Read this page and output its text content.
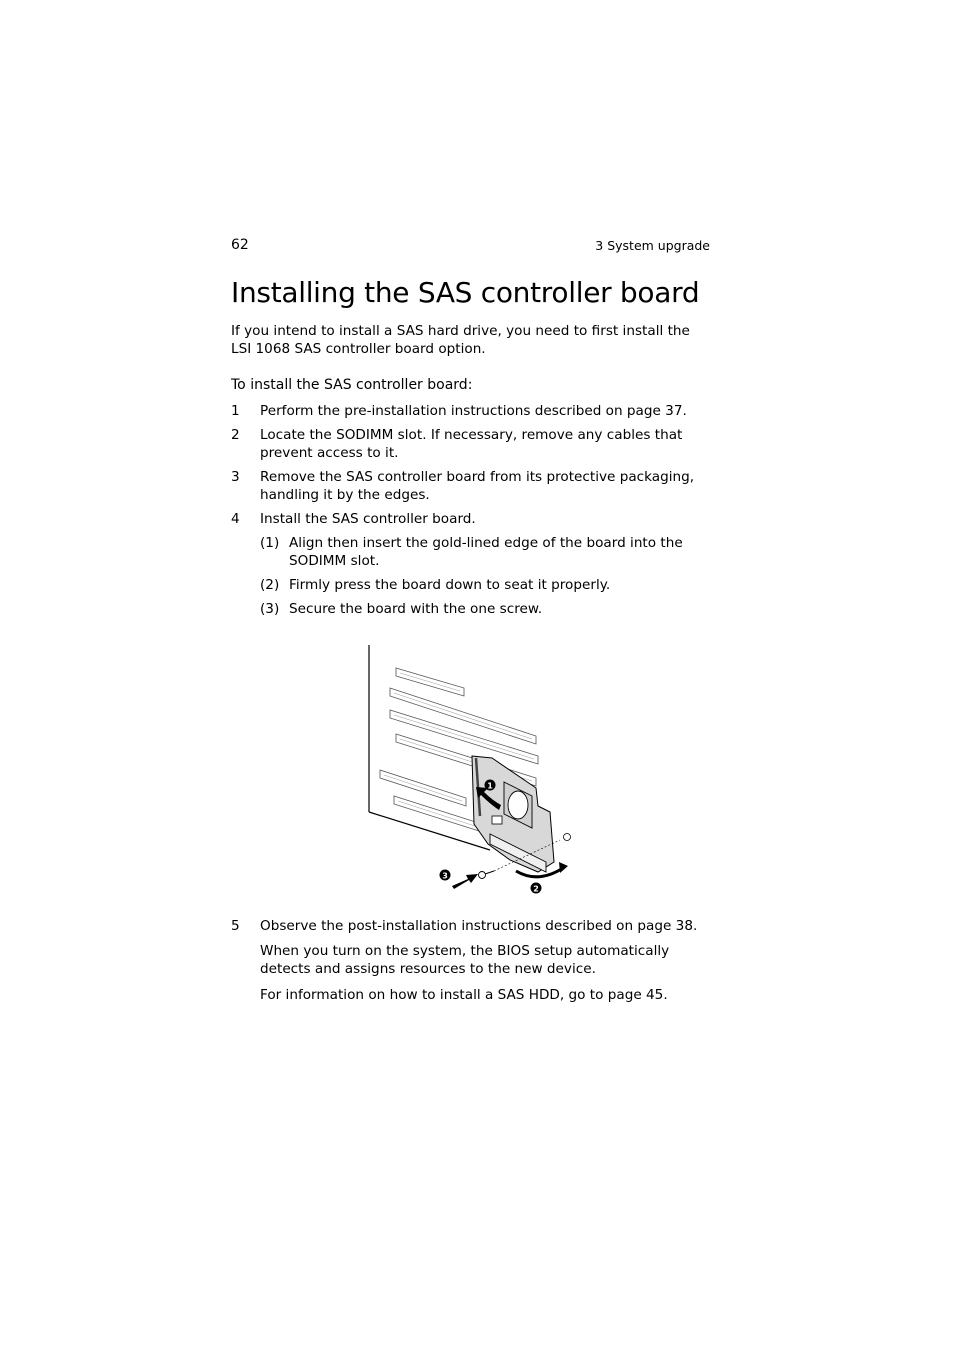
62	3 System upgrade
Installing the SAS controller board

If you intend to install a SAS hard drive, you need to first install the LSI 1068 SAS controller board option.

To install the SAS controller board:
1 Perform the pre-installation instructions described on page 37.
2 Locate the SODIMM slot. If necessary, remove any cables that prevent access to it.
3 Remove the SAS controller board from its protective packaging, handling it by the edges.
4 Install the SAS controller board.
(1) Align then insert the gold-lined edge of the board into the SODIMM slot.
(2) Firmly press the board down to seat it properly.
(3) Secure the board with the one screw.
1
2
3
5 Observe the post-installation instructions described on page 38.

When you turn on the system, the BIOS setup automatically detects and assigns resources to the new device.

For information on how to install a SAS HDD, go to page 45.
